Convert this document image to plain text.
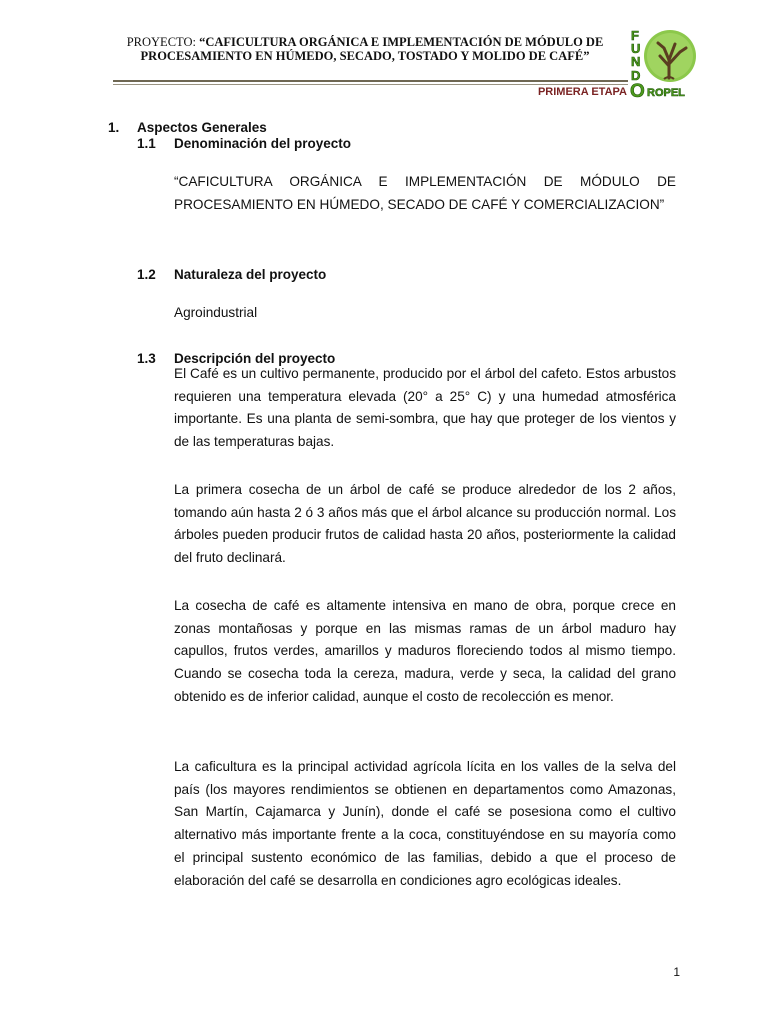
PROYECTO: “CAFICULTURA ORGÁNICA E IMPLEMENTACIÓN DE MÓDULO DE
PROCESAMIENTO EN HÚMEDO, SECADO, TOSTADO Y MOLIDO DE CAFÉ”
F
U
N
D
O ROPEL
PRIMERA ETAPA
1. Aspectos Generales
1.1 Denominación del proyecto

“CAFICULTURA ORGÁNICA E IMPLEMENTACIÓN DE MÓDULO DE PROCESAMIENTO EN HÚMEDO, SECADO DE CAFÉ Y COMERCIALIZACION”

1.2 Naturaleza del proyecto
Agroindustrial
1.3 Descripción del proyecto

El Café es un cultivo permanente, producido por el árbol del cafeto. Estos arbustos requieren una temperatura elevada (20° a 25° C) y una humedad atmosférica importante. Es una planta de semi-sombra, que hay que proteger de los vientos y de las temperaturas bajas.

La primera cosecha de un árbol de café se produce alrededor de los 2 años, tomando aún hasta 2 ó 3 años más que el árbol alcance su producción normal. Los árboles pueden producir frutos de calidad hasta 20 años, posteriormente la calidad del fruto declinará.

La cosecha de café es altamente intensiva en mano de obra, porque crece en zonas montañosas y porque en las mismas ramas de un árbol maduro hay capullos, frutos verdes, amarillos y maduros floreciendo todos al mismo tiempo. Cuando se cosecha toda la cereza, madura, verde y seca, la calidad del grano obtenido es de inferior calidad, aunque el costo de recolección es menor.

La caficultura es la principal actividad agrícola lícita en los valles de la selva del país (los mayores rendimientos se obtienen en departamentos como Amazonas, San Martín, Cajamarca y Junín), donde el café se posesiona como el cultivo alternativo más importante frente a la coca, constituyéndose en su mayoría como el principal sustento económico de las familias, debido a que el proceso de elaboración del café se desarrolla en condiciones agro ecológicas ideales.

1
